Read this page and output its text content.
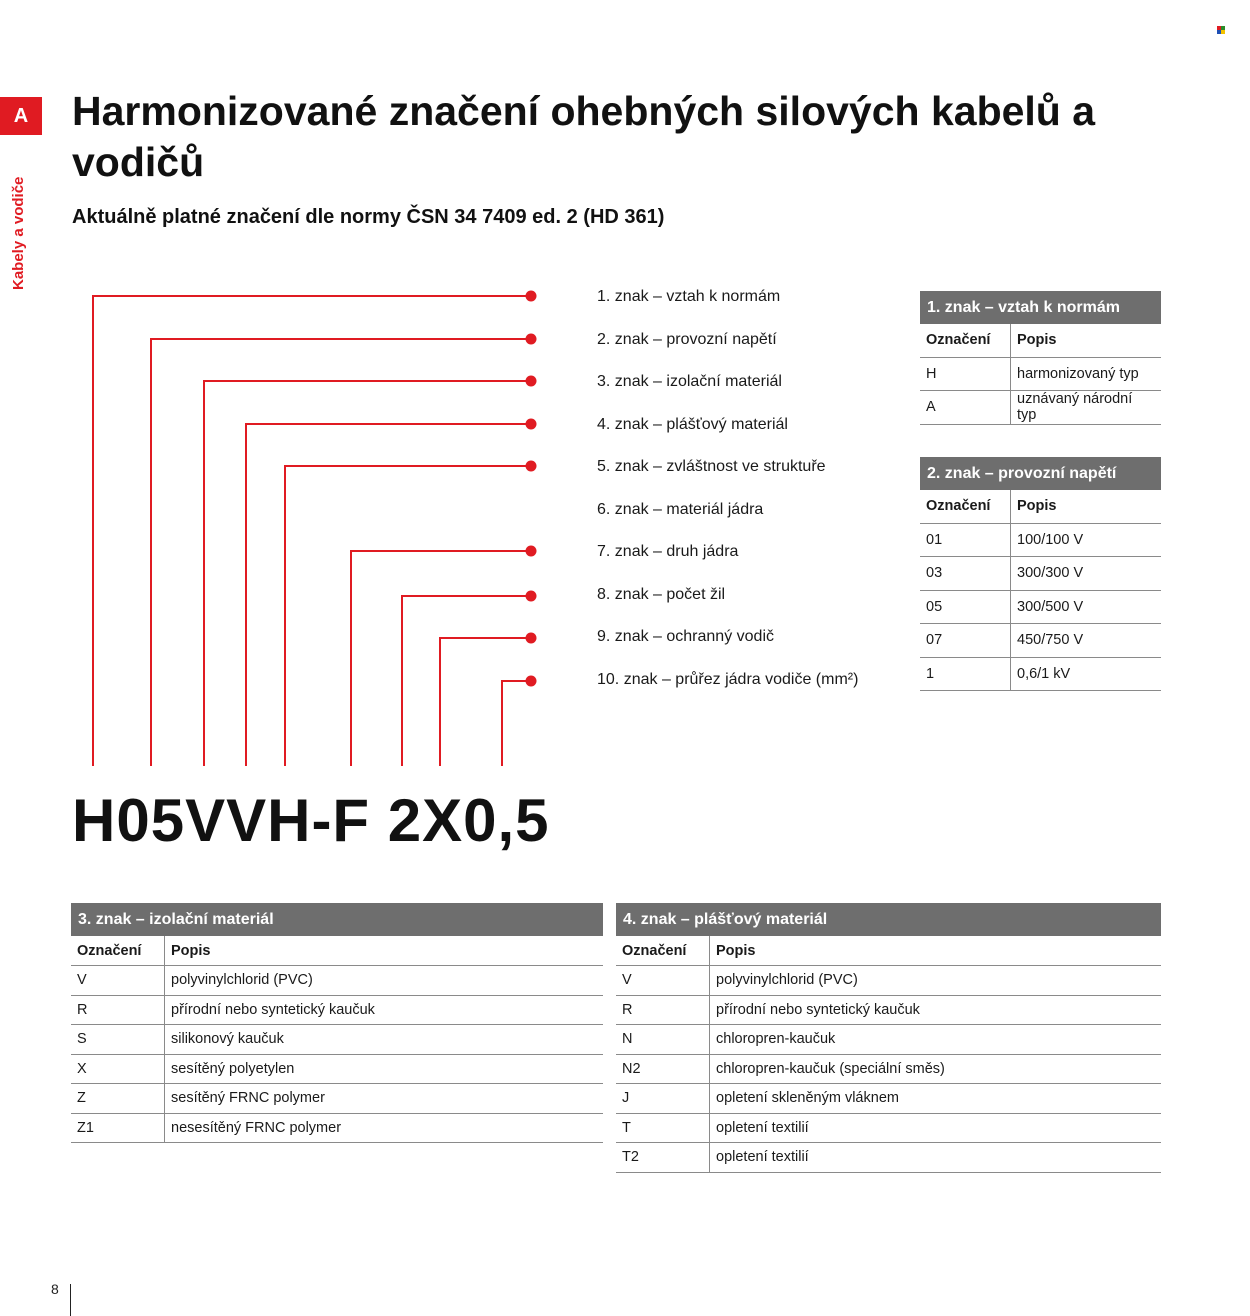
A
Kabely a vodiče
Harmonizované značení ohebných silových kabelů a vodičů
Aktuálně platné značení dle normy ČSN 34 7409 ed. 2 (HD 361)
1. znak – vztah k normám
2. znak – provozní napětí
3. znak – izolační materiál
4. znak – plášťový materiál
5. znak – zvláštnost ve struktuře
6. znak – materiál jádra
7. znak – druh jádra
8. znak – počet žil
9. znak – ochranný vodič
10. znak – průřez jádra vodiče (mm²)
H05VVH-F 2X0,5
1. znak – vztah k normám
Označení	Popis
H	harmonizovaný typ
A	uznávaný národní typ
2. znak – provozní napětí
Označení	Popis
01	100/100 V
03	300/300 V
05	300/500 V
07	450/750 V
1	0,6/1 kV
3. znak – izolační materiál
Označení	Popis
V	polyvinylchlorid (PVC)
R	přírodní nebo syntetický kaučuk
S	silikonový kaučuk
X	sesítěný polyetylen
Z	sesítěný FRNC polymer
Z1	nesesítěný FRNC polymer
4. znak – plášťový materiál
Označení	Popis
V	polyvinylchlorid (PVC)
R	přírodní nebo syntetický kaučuk
N	chloropren-kaučuk
N2	chloropren-kaučuk (speciální směs)
J	opletení skleněným vláknem
T	opletení textilií
T2	opletení textilií
8
